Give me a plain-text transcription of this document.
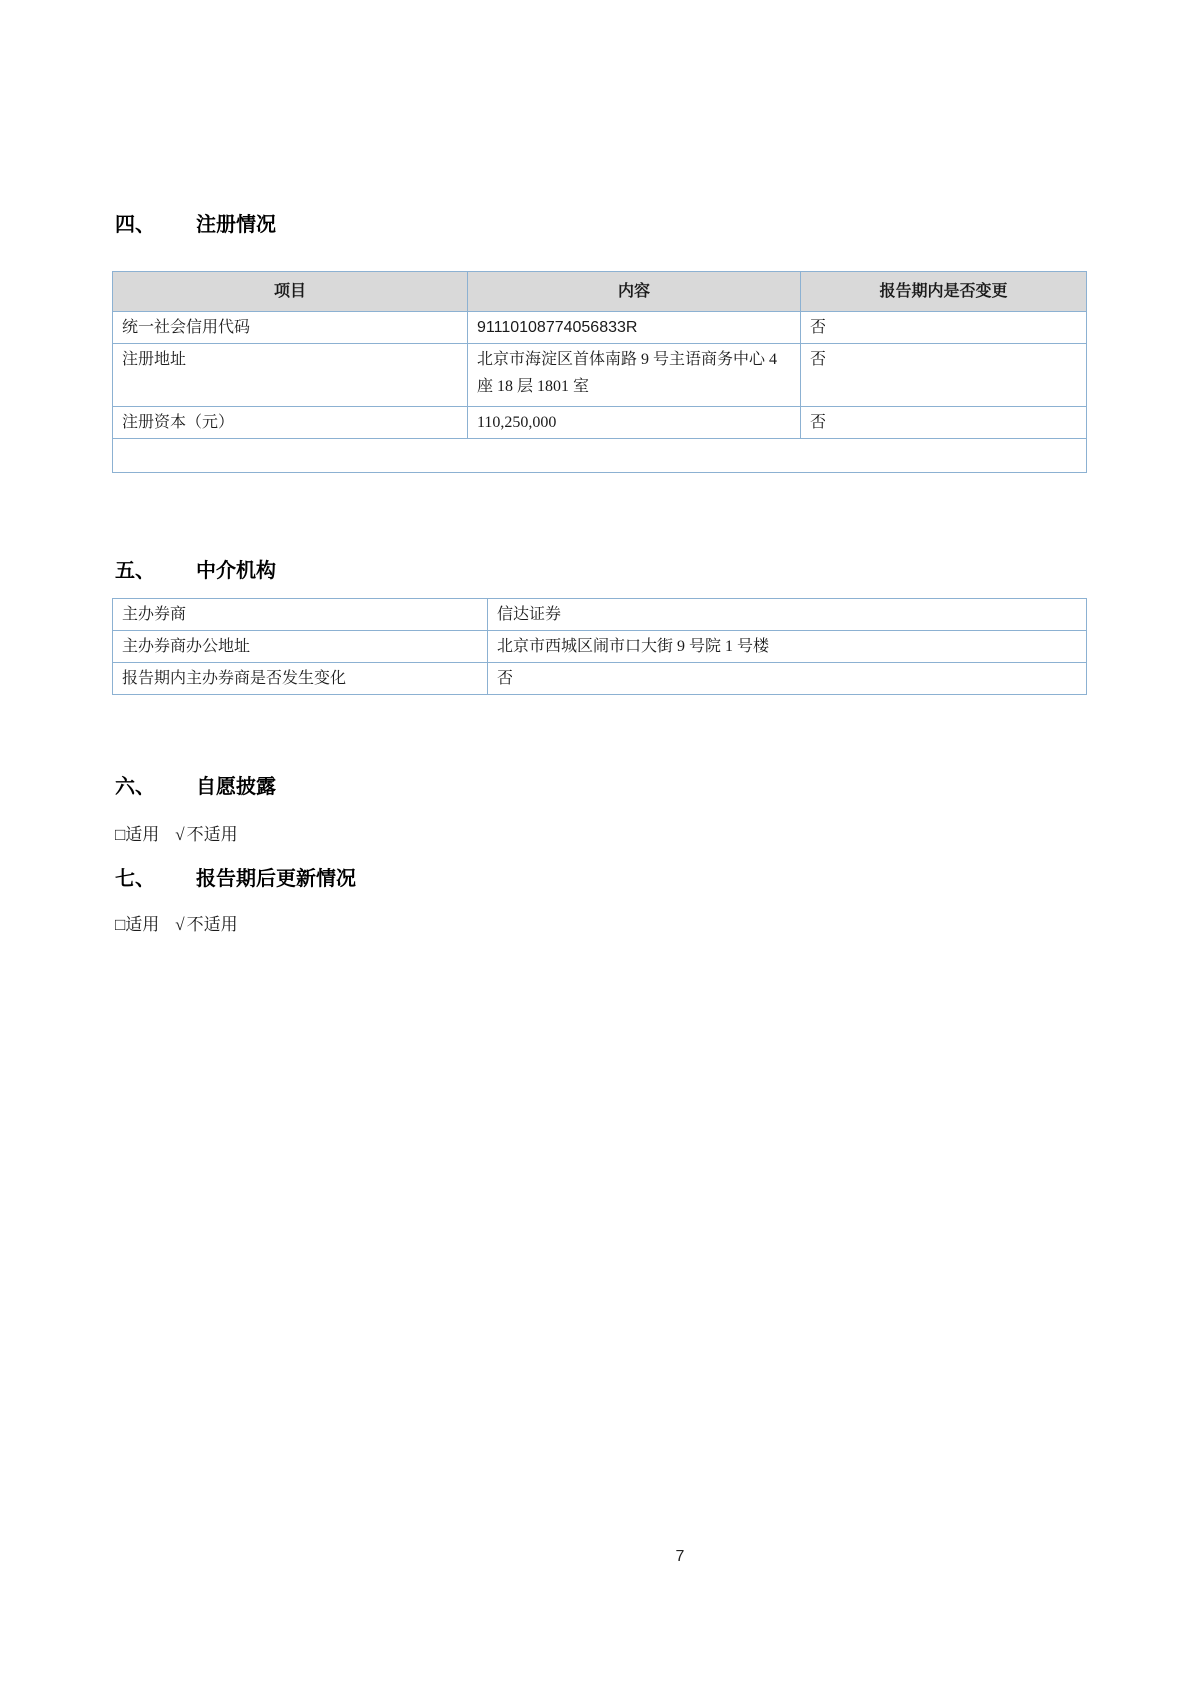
四、 注册情况
项目	内容	报告期内是否变更
统一社会信用代码	91110108774056833R	否
注册地址	北京市海淀区首体南路 9 号主语商务中心 4 座 18 层 1801 室	否
注册资本（元）	110,250,000	否

五、 中介机构
主办券商	信达证券
主办券商办公地址	北京市西城区闹市口大街 9 号院 1 号楼
报告期内主办券商是否发生变化	否
六、 自愿披露
□适用 √ 不适用
七、 报告期后更新情况
□适用 √ 不适用
7
